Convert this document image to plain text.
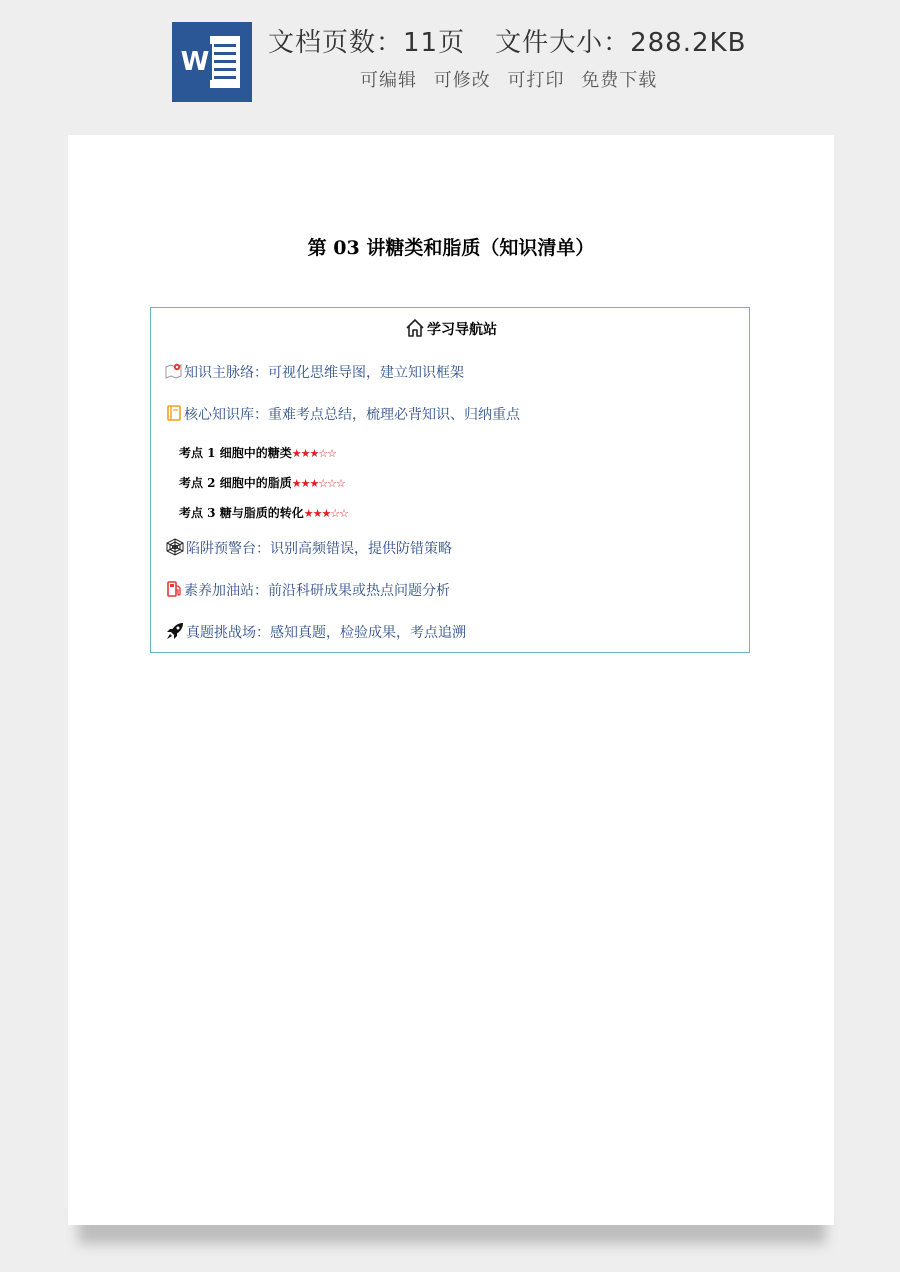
W
文档页数：11页 文件大小：288.2KB
可编辑 可修改 可打印 免费下载
第 03 讲糖类和脂质（知识清单）
学习导航站
知识主脉络：可视化思维导图，建立知识框架
核心知识库：重难考点总结，梳理必背知识、归纳重点
考点 1 细胞中的糖类★★★☆☆
考点 2 细胞中的脂质★★★☆☆☆
考点 3 糖与脂质的转化★★★☆☆
陷阱预警台：识别高频错误，提供防错策略
素养加油站：前沿科研成果或热点问题分析
真题挑战场：感知真题，检验成果，考点追溯
